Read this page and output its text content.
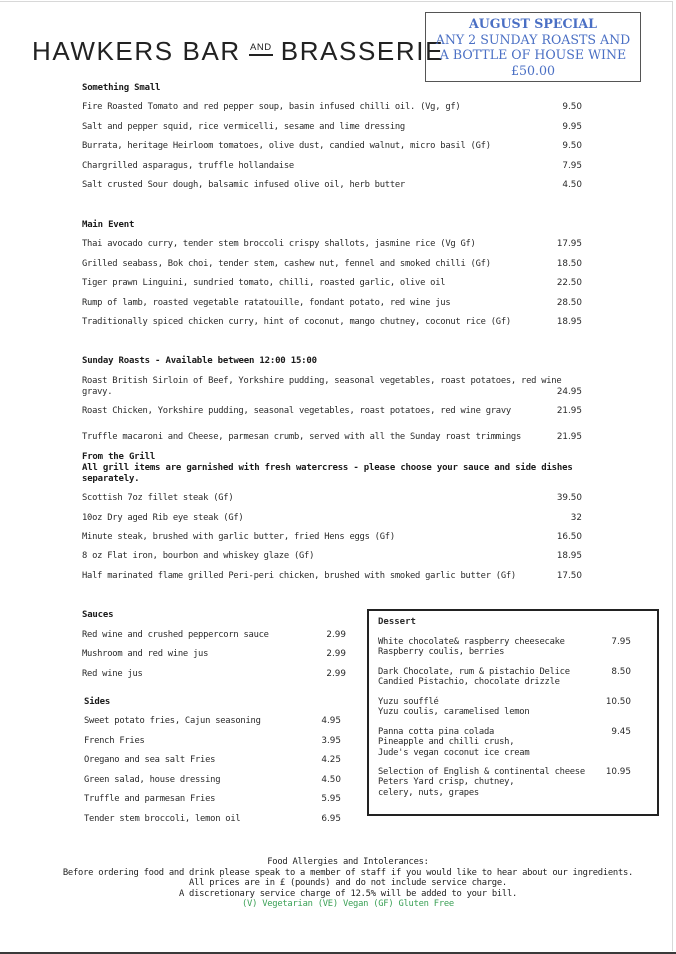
HAWKERS BAR AND BRASSERIE
AUGUST SPECIAL
ANY 2 SUNDAY ROASTS AND
A BOTTLE OF HOUSE WINE
£50.00
Something Small
Fire Roasted Tomato and red pepper soup, basin infused chilli oil. (Vg, gf)	9.50
Salt and pepper squid, rice vermicelli, sesame and lime dressing	9.95
Burrata, heritage Heirloom tomatoes, olive dust, candied walnut, micro basil (Gf)	9.50
Chargrilled asparagus, truffle hollandaise	7.95
Salt crusted Sour dough, balsamic infused olive oil, herb butter	4.50
Main Event
Thai avocado curry, tender stem broccoli crispy shallots, jasmine rice (Vg Gf)	17.95
Grilled seabass, Bok choi, tender stem, cashew nut, fennel and smoked chilli (Gf)	18.50
Tiger prawn Linguini, sundried tomato, chilli, roasted garlic, olive oil	22.50
Rump of lamb, roasted vegetable ratatouille, fondant potato, red wine jus	28.50
Traditionally spiced chicken curry, hint of coconut, mango chutney, coconut rice (Gf)	18.95
Sunday Roasts - Available between 12:00 15:00
Roast British Sirloin of Beef, Yorkshire pudding, seasonal vegetables, roast potatoes, red wine
gravy.	24.95
Roast Chicken, Yorkshire pudding, seasonal vegetables, roast potatoes, red wine gravy	21.95
Truffle macaroni and Cheese, parmesan crumb, served with all the Sunday roast trimmings	21.95
From the Grill
All grill items are garnished with fresh watercress - please choose your sauce and side dishes
separately.
Scottish 7oz fillet steak (Gf)	39.50
10oz Dry aged Rib eye steak (Gf)	32
Minute steak, brushed with garlic butter, fried Hens eggs (Gf)	16.50
8 oz Flat iron, bourbon and whiskey glaze (Gf)	18.95
Half marinated flame grilled Peri-peri chicken, brushed with smoked garlic butter (Gf)	17.50
Sauces
Red wine and crushed peppercorn sauce	2.99
Mushroom and red wine jus	2.99
Red wine jus	2.99
Sides
Sweet potato fries, Cajun seasoning	4.95
French Fries	3.95
Oregano and sea salt Fries	4.25
Green salad, house dressing	4.50
Truffle and parmesan Fries	5.95
Tender stem broccoli, lemon oil	6.95
Dessert
White chocolate& raspberry cheesecake
Raspberry coulis, berries
7.95
Dark Chocolate, rum & pistachio Delice
Candied Pistachio, chocolate drizzle
8.50
Yuzu soufflé
Yuzu coulis, caramelised lemon
10.50
Panna cotta pina colada
Pineapple and chilli crush,
Jude's vegan coconut ice cream
9.45
Selection of English & continental cheese
Peters Yard crisp, chutney,
celery, nuts, grapes
10.95
Food Allergies and Intolerances:
Before ordering food and drink please speak to a member of staff if you would like to hear about our ingredients.
All prices are in £ (pounds) and do not include service charge.
A discretionary service charge of 12.5% will be added to your bill.
(V) Vegetarian (VE) Vegan (GF) Gluten Free
